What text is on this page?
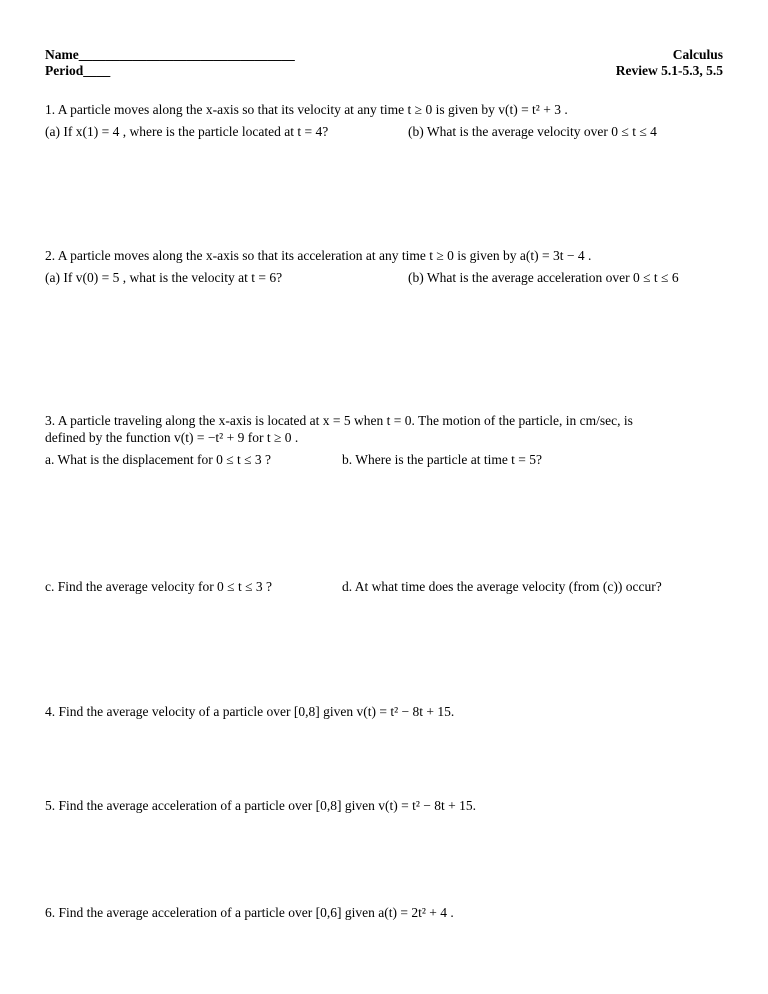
Name________________________________
Period____
Calculus
Review 5.1-5.3, 5.5
1. A particle moves along the x-axis so that its velocity at any time t ≥ 0 is given by v(t) = t² + 3 .
(a) If x(1) = 4 , where is the particle located at t = 4?	(b) What is the average velocity over 0 ≤ t ≤ 4
2. A particle moves along the x-axis so that its acceleration at any time t ≥ 0 is given by a(t) = 3t − 4 .
(a) If v(0) = 5 , what is the velocity at t = 6?	(b) What is the average acceleration over 0 ≤ t ≤ 6
3. A particle traveling along the x-axis is located at x = 5 when t = 0. The motion of the particle, in cm/sec, is
defined by the function v(t) = −t² + 9 for t ≥ 0 .
a. What is the displacement for 0 ≤ t ≤ 3 ?	b. Where is the particle at time t = 5?
c. Find the average velocity for 0 ≤ t ≤ 3 ?	d. At what time does the average velocity (from (c)) occur?
4. Find the average velocity of a particle over [0,8] given v(t) = t² − 8t + 15.
5. Find the average acceleration of a particle over [0,8] given v(t) = t² − 8t + 15.
6. Find the average acceleration of a particle over [0,6] given a(t) = 2t² + 4 .
